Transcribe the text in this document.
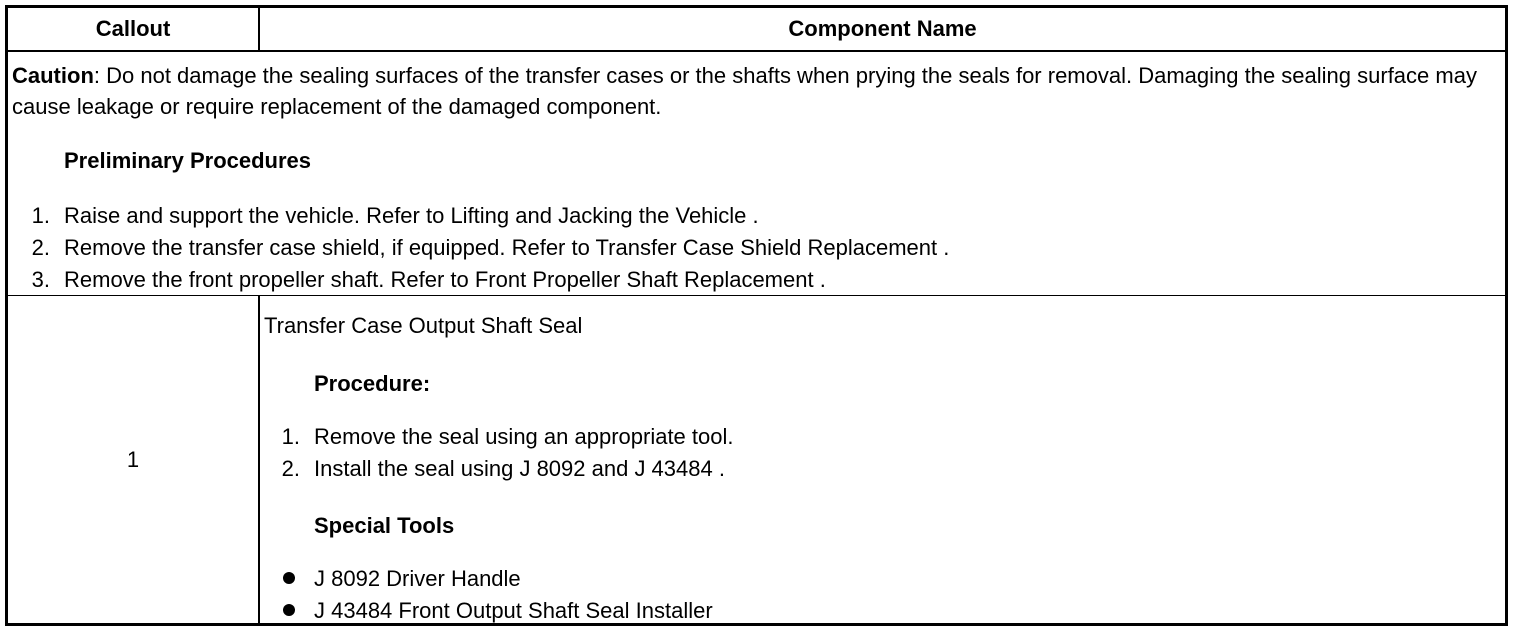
Callout	Component Name

Caution: Do not damage the sealing surfaces of the transfer cases or the shafts when prying the seals for removal. Damaging the sealing surface may cause leakage or require replacement of the damaged component.

Preliminary Procedures
1. Raise and support the vehicle. Refer to Lifting and Jacking the Vehicle .
2. Remove the transfer case shield, if equipped. Refer to Transfer Case Shield Replacement .
3. Remove the front propeller shaft. Refer to Front Propeller Shaft Replacement .
1
Transfer Case Output Shaft Seal
Procedure:
1. Remove the seal using an appropriate tool.
2. Install the seal using J 8092 and J 43484 .
Special Tools
J 8092 Driver Handle
J 43484 Front Output Shaft Seal Installer
